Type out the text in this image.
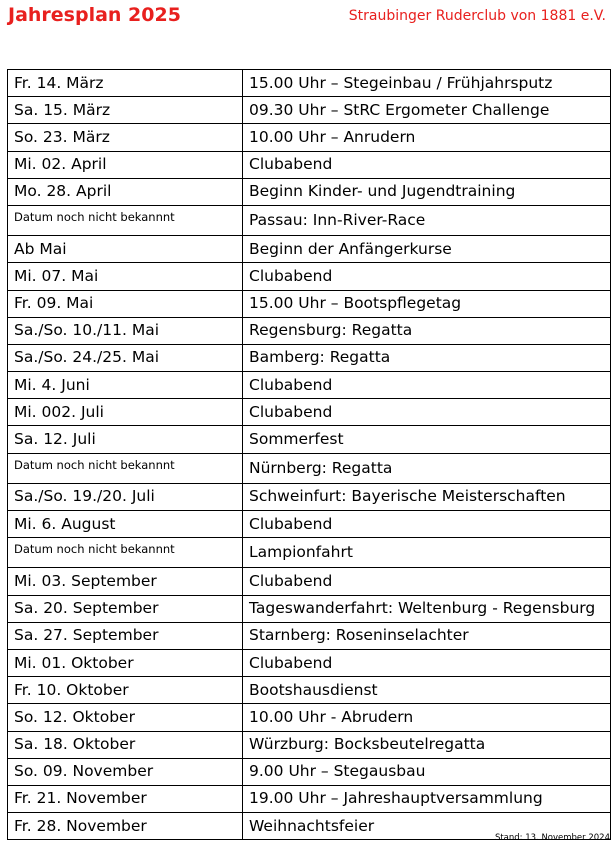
Jahresplan 2025	Straubinger Ruderclub von 1881 e.V.
Fr. 14. März	15.00 Uhr – Stegeinbau / Frühjahrsputz
Sa. 15. März	09.30 Uhr – StRC Ergometer Challenge
So. 23. März	10.00 Uhr – Anrudern
Mi. 02. April	Clubabend
Mo. 28. April	Beginn Kinder- und Jugendtraining
Datum noch nicht bekannnt	Passau: Inn-River-Race
Ab Mai	Beginn der Anfängerkurse
Mi. 07. Mai	Clubabend
Fr. 09. Mai	15.00 Uhr – Bootspflegetag
Sa./So. 10./11. Mai	Regensburg: Regatta
Sa./So. 24./25. Mai	Bamberg: Regatta
Mi. 4. Juni	Clubabend
Mi. 002. Juli	Clubabend
Sa. 12. Juli	Sommerfest
Datum noch nicht bekannnt	Nürnberg: Regatta
Sa./So. 19./20. Juli	Schweinfurt: Bayerische Meisterschaften
Mi. 6. August	Clubabend
Datum noch nicht bekannnt	Lampionfahrt
Mi. 03. September	Clubabend
Sa. 20. September	Tageswanderfahrt: Weltenburg - Regensburg
Sa. 27. September	Starnberg: Roseninselachter
Mi. 01. Oktober	Clubabend
Fr. 10. Oktober	Bootshausdienst
So. 12. Oktober	10.00 Uhr - Abrudern
Sa. 18. Oktober	Würzburg: Bocksbeutelregatta
So. 09. November	9.00 Uhr – Stegausbau
Fr. 21. November	19.00 Uhr – Jahreshauptversammlung
Fr. 28. November	Weihnachtsfeier
Stand: 13. November 2024
